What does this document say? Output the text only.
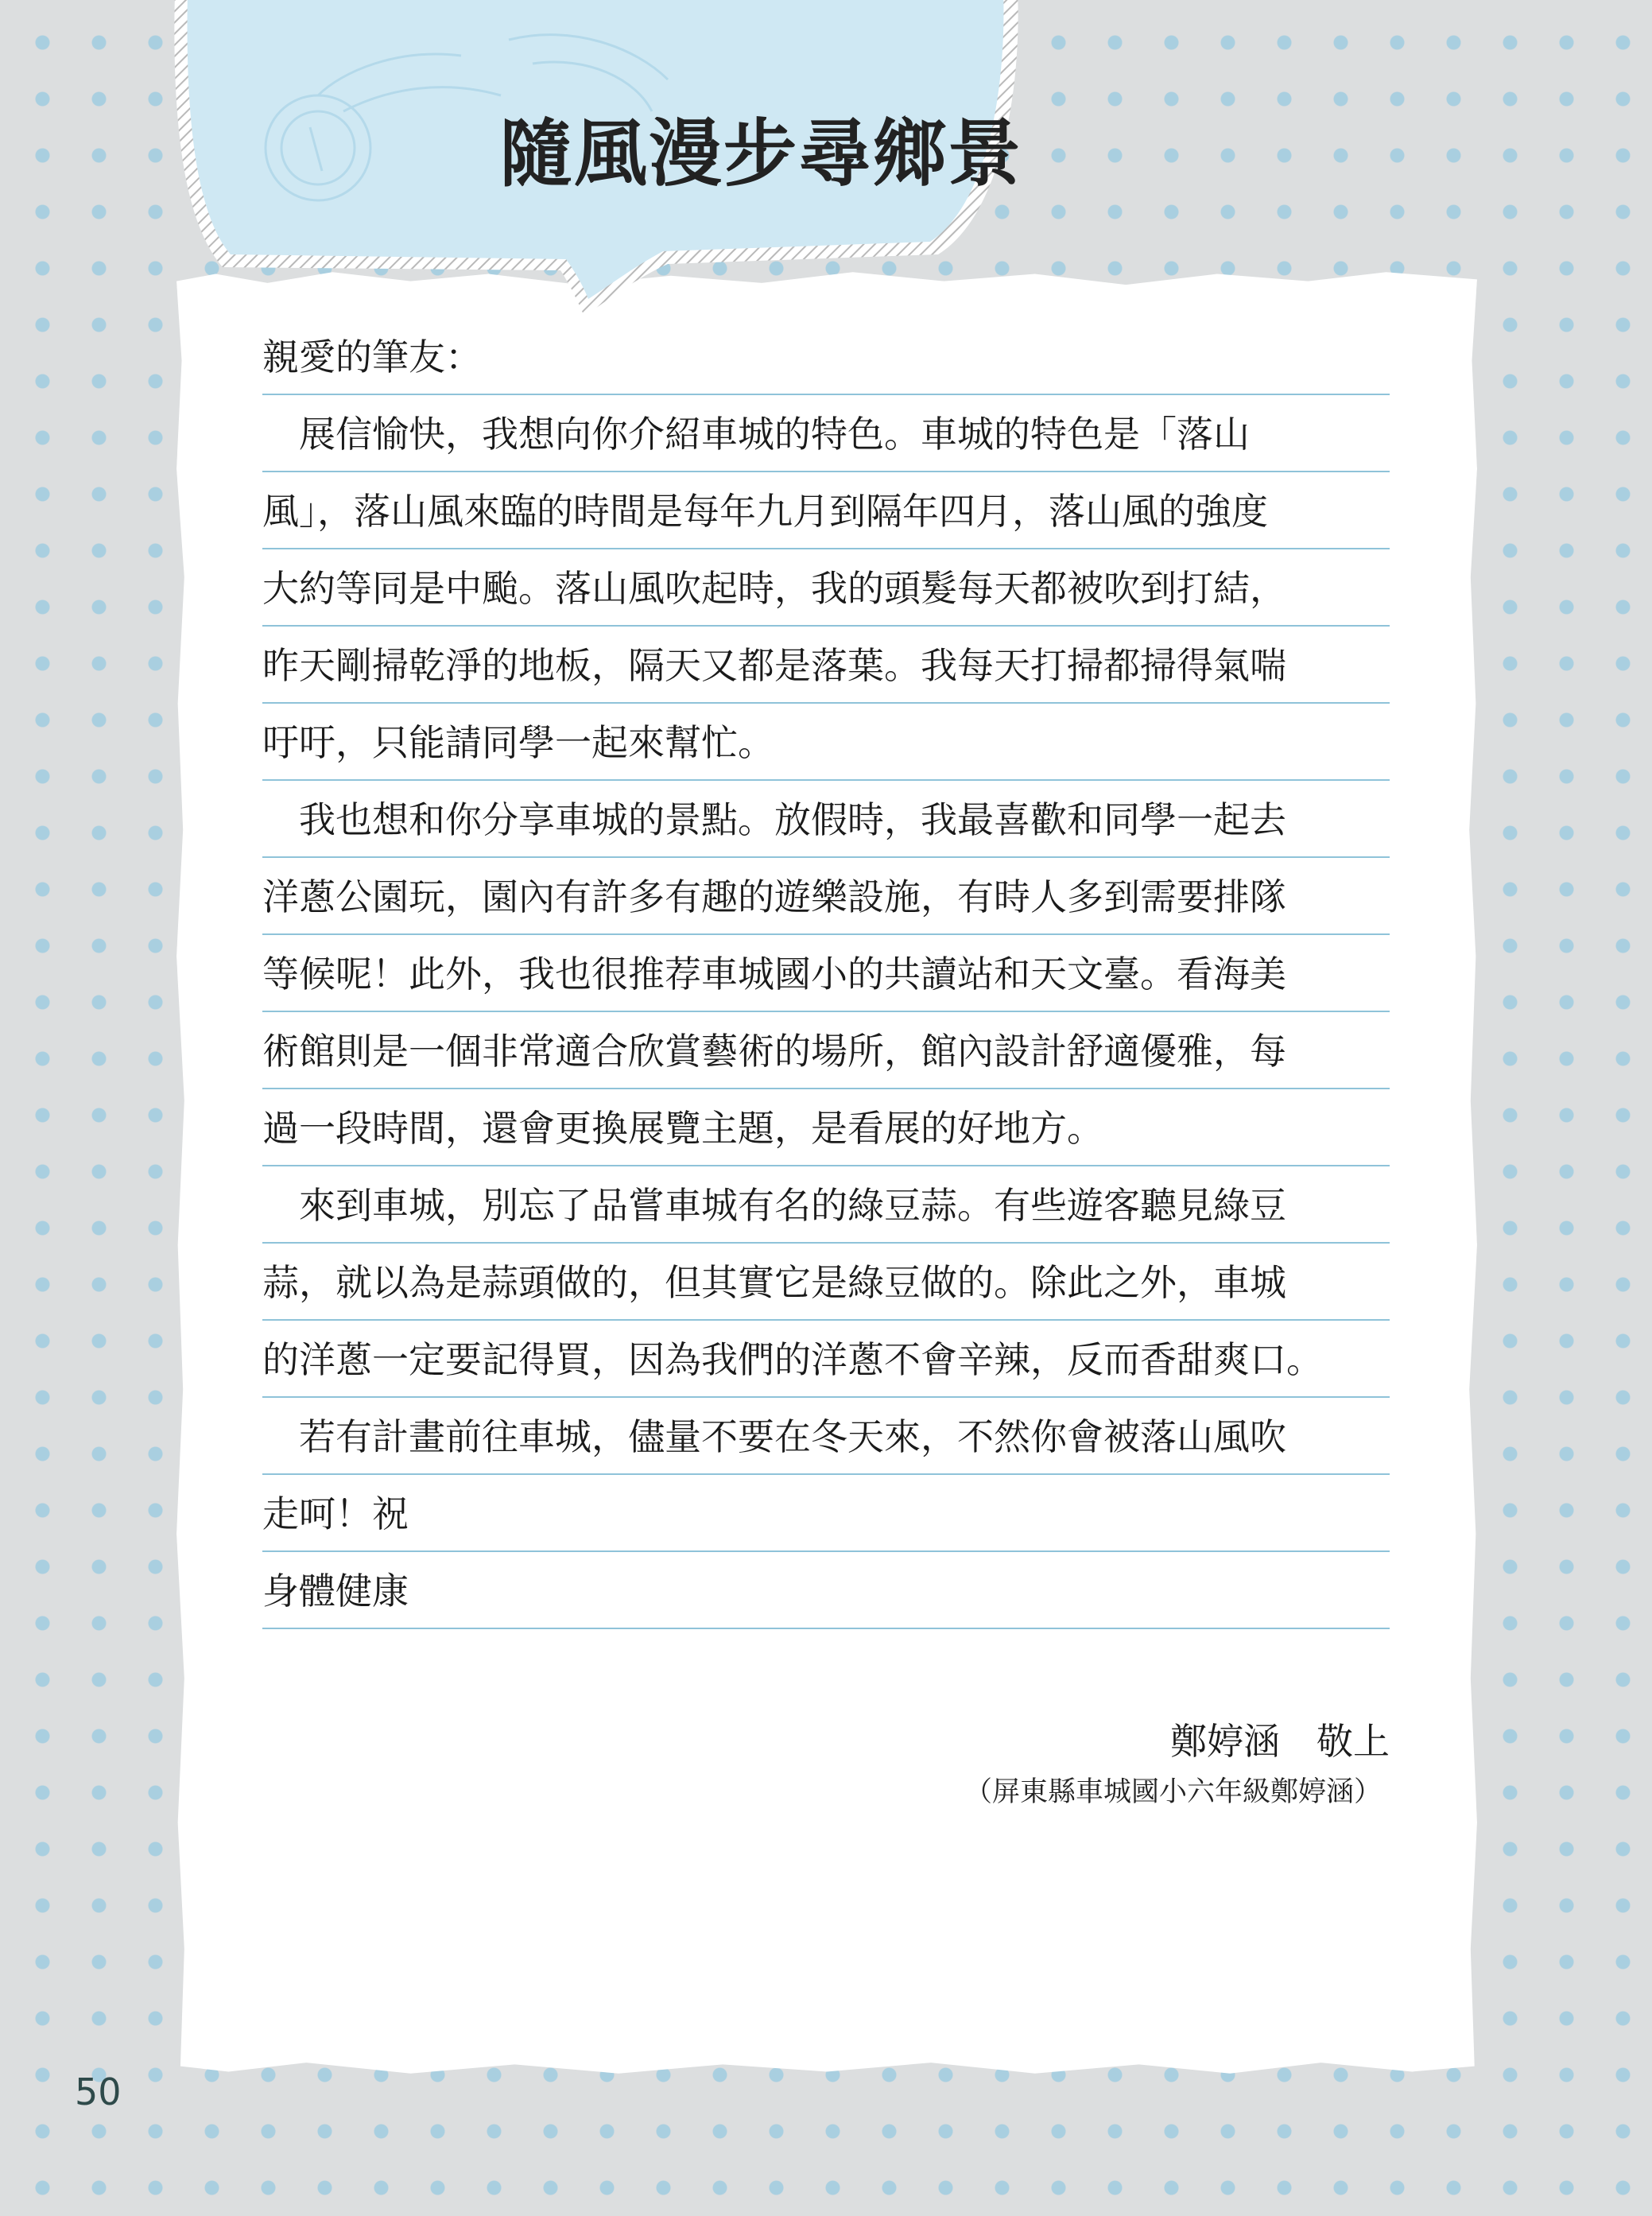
隨風漫步尋鄉景
親愛的筆友：
　展信愉快，我想向你介紹車城的特色。車城的特色是「落山
風」，落山風來臨的時間是每年九月到隔年四月，落山風的強度
大約等同是中颱。落山風吹起時，我的頭髮每天都被吹到打結，
昨天剛掃乾淨的地板，隔天又都是落葉。我每天打掃都掃得氣喘
吁吁，只能請同學一起來幫忙。
　我也想和你分享車城的景點。放假時，我最喜歡和同學一起去
洋蔥公園玩，園內有許多有趣的遊樂設施，有時人多到需要排隊
等候呢！此外，我也很推荐車城國小的共讀站和天文臺。看海美
術館則是一個非常適合欣賞藝術的場所，館內設計舒適優雅，每
過一段時間，還會更換展覽主題，是看展的好地方。
　來到車城，別忘了品嘗車城有名的綠豆蒜。有些遊客聽見綠豆
蒜，就以為是蒜頭做的，但其實它是綠豆做的。除此之外，車城
的洋蔥一定要記得買，因為我們的洋蔥不會辛辣，反而香甜爽口。
　若有計畫前往車城，儘量不要在冬天來，不然你會被落山風吹
走呵！祝
身體健康
鄭婷涵　敬上
（屏東縣車城國小六年級鄭婷涵）
50
